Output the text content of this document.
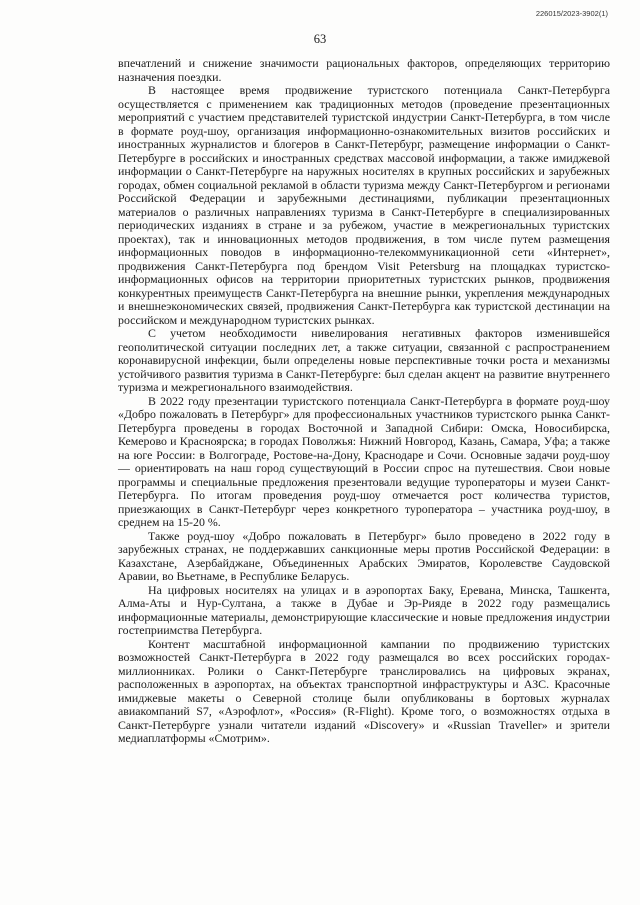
226015/2023-3902(1)
63

впечатлений и снижение значимости рациональных факторов, определяющих территорию назначения поездки.

В настоящее время продвижение туристского потенциала Санкт-Петербурга осуществляется с применением как традиционных методов (проведение презентационных мероприятий с участием представителей туристской индустрии Санкт-Петербурга, в том числе в формате роуд-шоу, организация информационно-ознакомительных визитов российских и иностранных журналистов и блогеров в Санкт-Петербург, размещение информации о Санкт-Петербурге в российских и иностранных средствах массовой информации, а также имиджевой информации о Санкт-Петербурге на наружных носителях в крупных российских и зарубежных городах, обмен социальной рекламой в области туризма между Санкт-Петербургом и регионами Российской Федерации и зарубежными дестинациями, публикации презентационных материалов о различных направлениях туризма в Санкт-Петербурге в специализированных периодических изданиях в стране и за рубежом, участие в межрегиональных туристских проектах), так и инновационных методов продвижения, в том числе путем размещения информационных поводов в информационно-телекоммуникационной сети «Интернет», продвижения Санкт-Петербурга под брендом Visit Petersburg на площадках туристско-информационных офисов на территории приоритетных туристских рынков, продвижения конкурентных преимуществ Санкт-Петербурга на внешние рынки, укрепления международных и внешнеэкономических связей, продвижения Санкт-Петербурга как туристской дестинации на российском и международном туристских рынках.

С учетом необходимости нивелирования негативных факторов изменившейся геополитической ситуации последних лет, а также ситуации, связанной с распространением коронавирусной инфекции, были определены новые перспективные точки роста и механизмы устойчивого развития туризма в Санкт-Петербурге: был сделан акцент на развитие внутреннего туризма и межрегионального взаимодействия.

В 2022 году презентации туристского потенциала Санкт-Петербурга в формате роуд-шоу «Добро пожаловать в Петербург» для профессиональных участников туристского рынка Санкт-Петербурга проведены в городах Восточной и Западной Сибири: Омска, Новосибирска, Кемерово и Красноярска; в городах Поволжья: Нижний Новгород, Казань, Самара, Уфа; а также на юге России: в Волгограде, Ростове-на-Дону, Краснодаре и Сочи. Основные задачи роуд-шоу — ориентировать на наш город существующий в России спрос на путешествия. Свои новые программы и специальные предложения презентовали ведущие туроператоры и музеи Санкт-Петербурга. По итогам проведения роуд-шоу отмечается рост количества туристов, приезжающих в Санкт-Петербург через конкретного туроператора – участника роуд-шоу, в среднем на 15-20 %.

Также роуд-шоу «Добро пожаловать в Петербург» было проведено в 2022 году в зарубежных странах, не поддержавших санкционные меры против Российской Федерации: в Казахстане, Азербайджане, Объединенных Арабских Эмиратов, Королевстве Саудовской Аравии, во Вьетнаме, в Республике Беларусь.

На цифровых носителях на улицах и в аэропортах Баку, Еревана, Минска, Ташкента, Алма-Аты и Нур-Султана, а также в Дубае и Эр-Рияде в 2022 году размещались информационные материалы, демонстрирующие классические и новые предложения индустрии гостеприимства Петербурга.

Контент масштабной информационной кампании по продвижению туристских возможностей Санкт-Петербурга в 2022 году размещался во всех российских городах-миллионниках. Ролики о Санкт-Петербурге транслировались на цифровых экранах, расположенных в аэропортах, на объектах транспортной инфраструктуры и АЗС. Красочные имиджевые макеты о Северной столице были опубликованы в бортовых журналах авиакомпаний S7, «Аэрофлот», «Россия» (R-Flight). Кроме того, о возможностях отдыха в Санкт-Петербурге узнали читатели изданий «Discovery» и «Russian Traveller» и зрители медиаплатформы «Смотрим».
